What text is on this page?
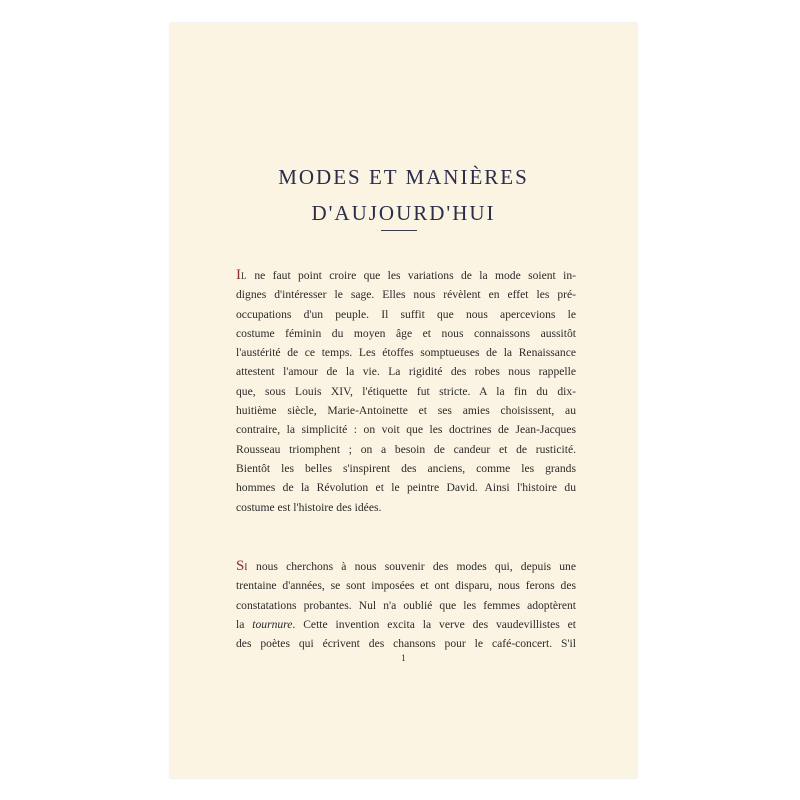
MODES ET MANIÈRES
D'AUJOURD'HUI
IL ne faut point croire que les variations de la mode soient in-
dignes d'intéresser le sage. Elles nous révèlent en effet les pré-
occupations d'un peuple. Il suffit que nous apercevions le
costume féminin du moyen âge et nous connaissons aussitôt
l'austérité de ce temps. Les étoffes somptueuses de la Renaissance
attestent l'amour de la vie. La rigidité des robes nous rappelle
que, sous Louis XIV, l'étiquette fut stricte. A la fin du dix-
huitième siècle, Marie-Antoinette et ses amies choisissent, au
contraire, la simplicité : on voit que les doctrines de Jean-Jacques
Rousseau triomphent ; on a besoin de candeur et de rusticité.
Bientôt les belles s'inspirent des anciens, comme les grands
hommes de la Révolution et le peintre David. Ainsi l'histoire du
costume est l'histoire des idées.
SI nous cherchons à nous souvenir des modes qui, depuis une
trentaine d'années, se sont imposées et ont disparu, nous ferons des
constatations probantes. Nul n'a oublié que les femmes adoptèrent
la tournure. Cette invention excita la verve des vaudevillistes et
des poètes qui écrivent des chansons pour le café-concert. S'il
1
